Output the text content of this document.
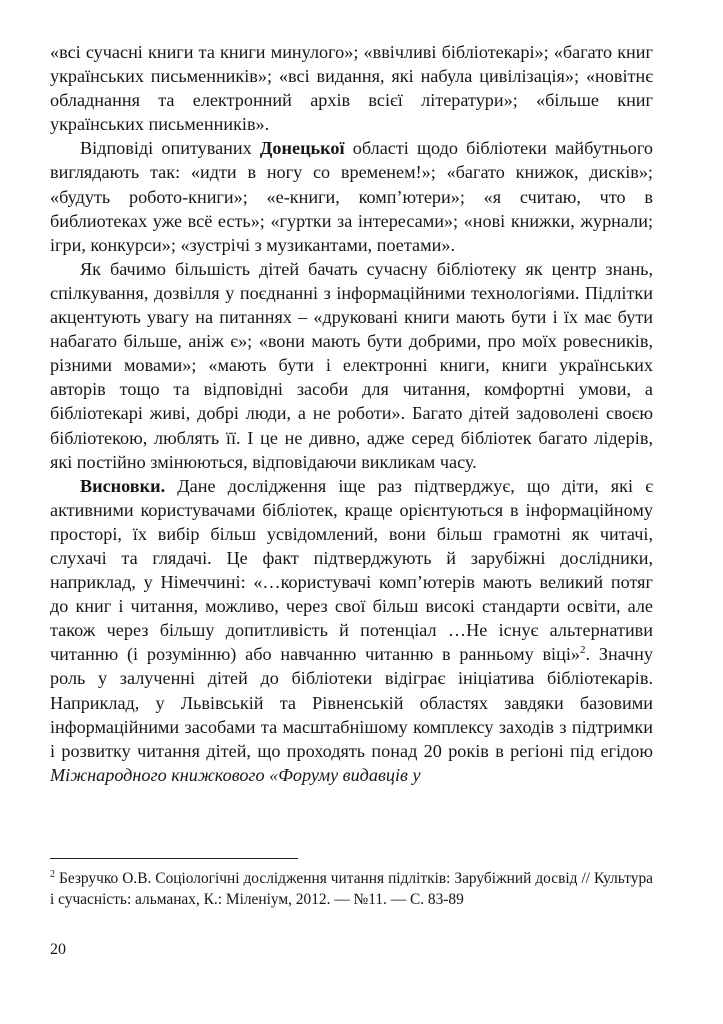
«всі сучасні книги та книги минулого»; «ввічливі бібліотекарі»; «багато книг українських письменників»; «всі видання, які набула цивілізація»; «новітнє обладнання та електронний архів всієї літератури»; «більше книг українських письменників».

Відповіді опитуваних Донецької області щодо бібліотеки майбутнього виглядають так: «идти в ногу со временем!»; «багато книжок, дисків»; «будуть робото-книги»; «е-книги, комп’ютери»; «я считаю, что в библиотеках уже всё есть»; «гуртки за інтересами»; «нові книжки, журнали; ігри, конкурси»; «зустрічі з музикантами, поетами».

Як бачимо більшість дітей бачать сучасну бібліотеку як центр знань, спілкування, дозвілля у поєднанні з інформаційними технологіями. Підлітки акцентують увагу на питаннях – «друковані книги мають бути і їх має бути набагато більше, аніж є»; «вони мають бути добрими, про моїх ровесників, різними мовами»; «мають бути і електронні книги, книги українських авторів тощо та відповідні засоби для читання, комфортні умови, а бібліотекарі живі, добрі люди, а не роботи». Багато дітей задоволені своєю бібліотекою, люблять її. І це не дивно, адже серед бібліотек багато лідерів, які постійно змінюються, відповідаючи викликам часу.

Висновки. Дане дослідження іще раз підтверджує, що діти, які є активними користувачами бібліотек, краще орієнтуються в інформаційному просторі, їх вибір більш усвідомлений, вони більш грамотні як читачі, слухачі та глядачі. Це факт підтверджують й зарубіжні дослідники, наприклад, у Німеччині: «…користувачі комп’ютерів мають великий потяг до книг і читання, можливо, через свої більш високі стандарти освіти, але також через більшу допитливість й потенціал …Не існує альтернативи читанню (і розумінню) або навчанню читанню в ранньому віці»$^2$. Значну роль у залученні дітей до бібліотеки відіграє ініціатива бібліотекарів. Наприклад, у Львівській та Рівненській областях завдяки базовими інформаційними засобами та масштабнішому комплексу заходів з підтримки і розвитку читання дітей, що проходять понад 20 років в регіоні під егідою Міжнародного книжкового «Форуму видавців у

$^2$ Безручко О.В. Соціологічні дослідження читання підлітків: Зарубіжний досвід // Культура і сучасність: альманах, К.: Міленіум, 2012. — №11. — С. 83-89

20
